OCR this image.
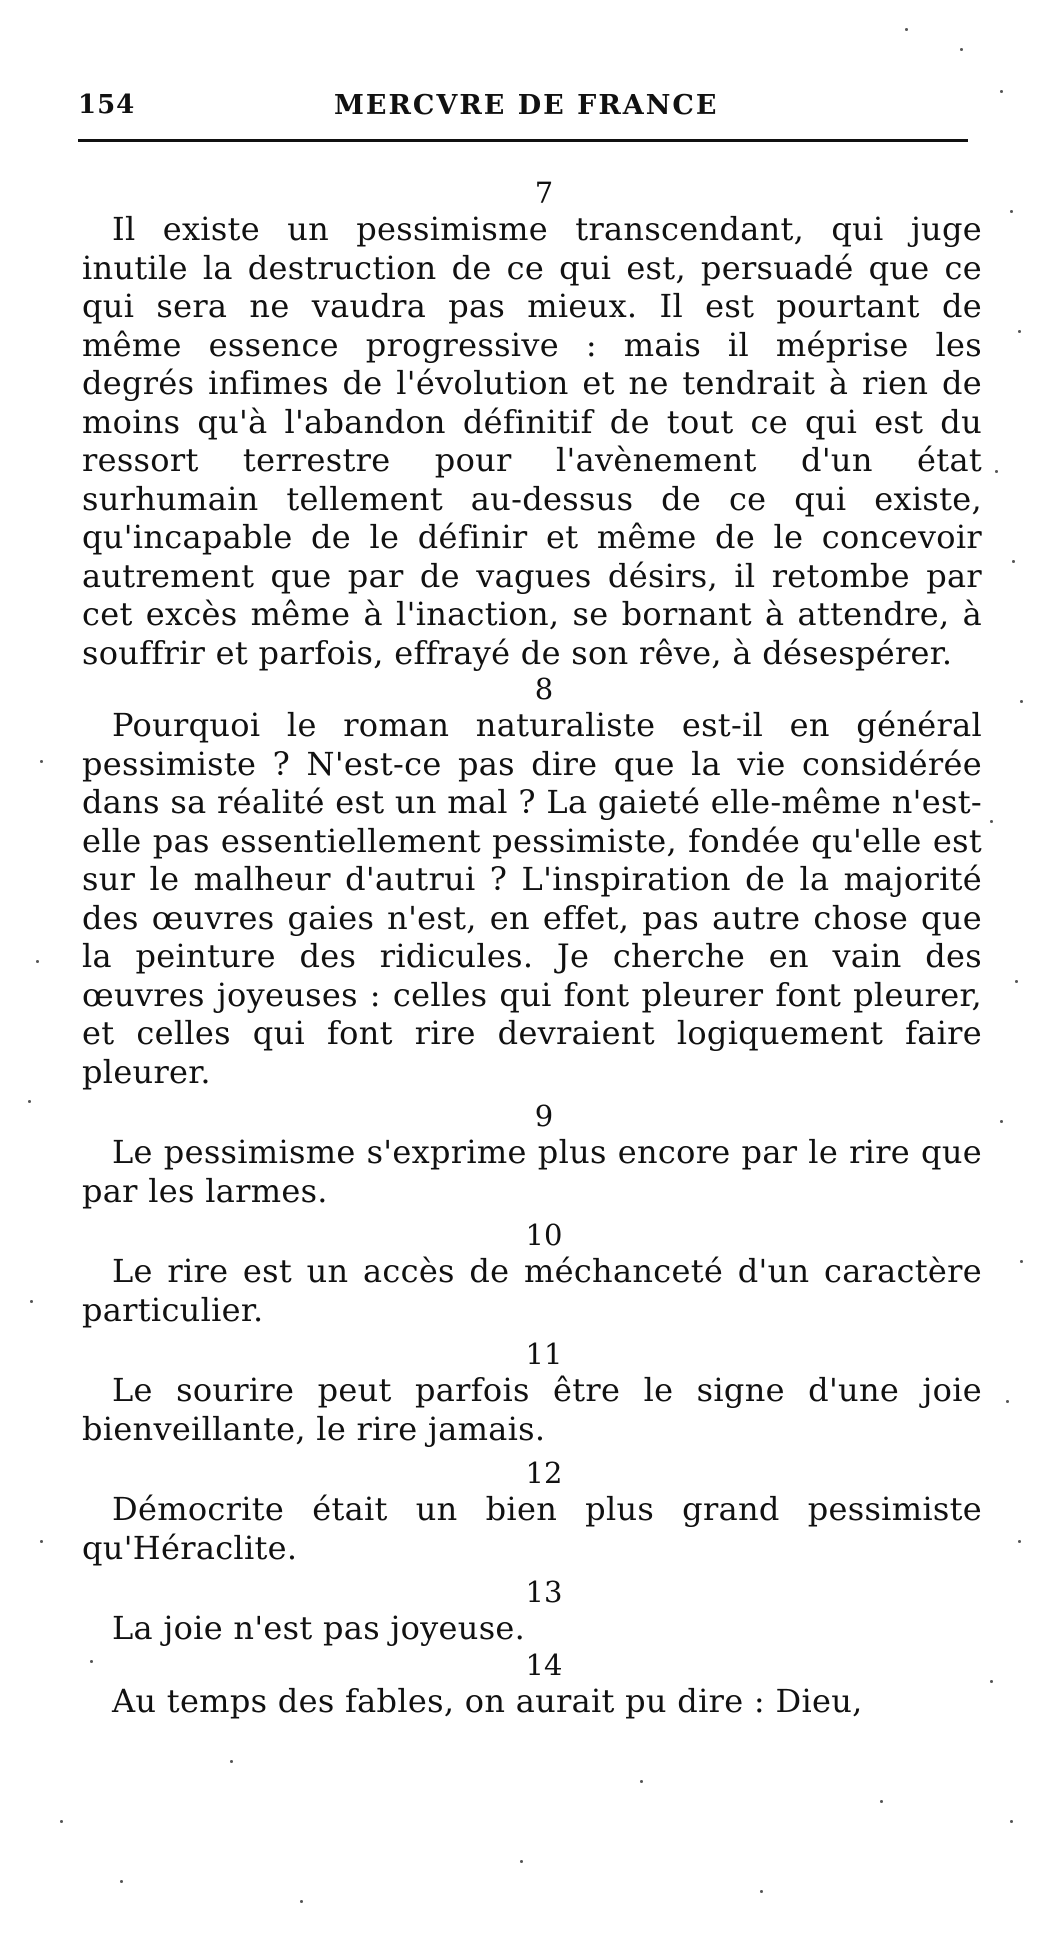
154	MERCVRE DE FRANCE

7

Il existe un pessimisme transcendant, qui juge inutile la destruction de ce qui est, persuadé que ce qui sera ne vaudra pas mieux. Il est pourtant de même essence progressive : mais il méprise les degrés infimes de l'évolution et ne tendrait à rien de moins qu'à l'abandon définitif de tout ce qui est du ressort terrestre pour l'avènement d'un état surhumain tellement au-dessus de ce qui existe, qu'incapable de le définir et même de le concevoir autrement que par de vagues désirs, il retombe par cet excès même à l'inaction, se bornant à attendre, à souffrir et parfois, effrayé de son rêve, à désespérer.

8

Pourquoi le roman naturaliste est-il en général pessimiste ? N'est-ce pas dire que la vie considérée dans sa réalité est un mal ? La gaieté elle-même n'est-elle pas essentiellement pessimiste, fondée qu'elle est sur le malheur d'autrui ? L'inspiration de la majorité des œuvres gaies n'est, en effet, pas autre chose que la peinture des ridicules. Je cherche en vain des œuvres joyeuses : celles qui font pleurer font pleurer, et celles qui font rire devraient logiquement faire pleurer.

9

Le pessimisme s'exprime plus encore par le rire que par les larmes.

10

Le rire est un accès de méchanceté d'un caractère particulier.

11

Le sourire peut parfois être le signe d'une joie bienveillante, le rire jamais.

12

Démocrite était un bien plus grand pessimiste qu'Héraclite.

13

La joie n'est pas joyeuse.

14

Au temps des fables, on aurait pu dire : Dieu,
